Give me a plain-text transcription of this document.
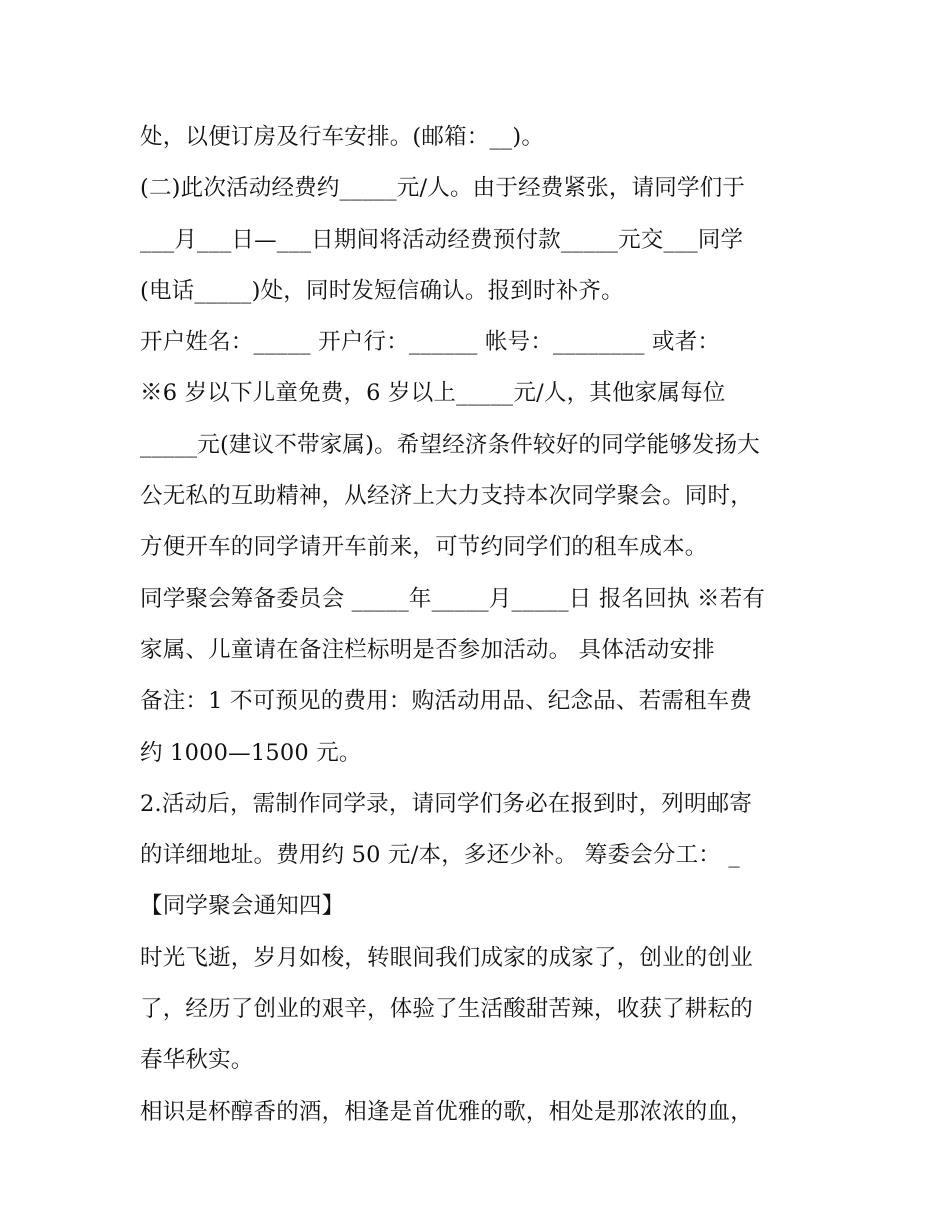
处，以便订房及行车安排。(邮箱：__)。
(二)此次活动经费约_____元/人。由于经费紧张，请同学们于
___月___日—___日期间将活动经费预付款_____元交___同学
(电话_____)处，同时发短信确认。报到时补齐。
开户姓名：_____ 开户行：______ 帐号：________ 或者：
※6 岁以下儿童免费，6 岁以上_____元/人，其他家属每位
_____元(建议不带家属)。希望经济条件较好的同学能够发扬大
公无私的互助精神，从经济上大力支持本次同学聚会。同时，
方便开车的同学请开车前来，可节约同学们的租车成本。
同学聚会筹备委员会 _____年_____月_____日 报名回执 ※若有
家属、儿童请在备注栏标明是否参加活动。 具体活动安排
备注：1 不可预见的费用：购活动用品、纪念品、若需租车费
约 1000—1500 元。
2.活动后，需制作同学录，请同学们务必在报到时，列明邮寄
的详细地址。费用约 50 元/本，多还少补。 筹委会分工： _
【同学聚会通知四】
时光飞逝，岁月如梭，转眼间我们成家的成家了，创业的创业
了，经历了创业的艰辛，体验了生活酸甜苦辣，收获了耕耘的
春华秋实。
相识是杯醇香的酒，相逢是首优雅的歌，相处是那浓浓的血，
